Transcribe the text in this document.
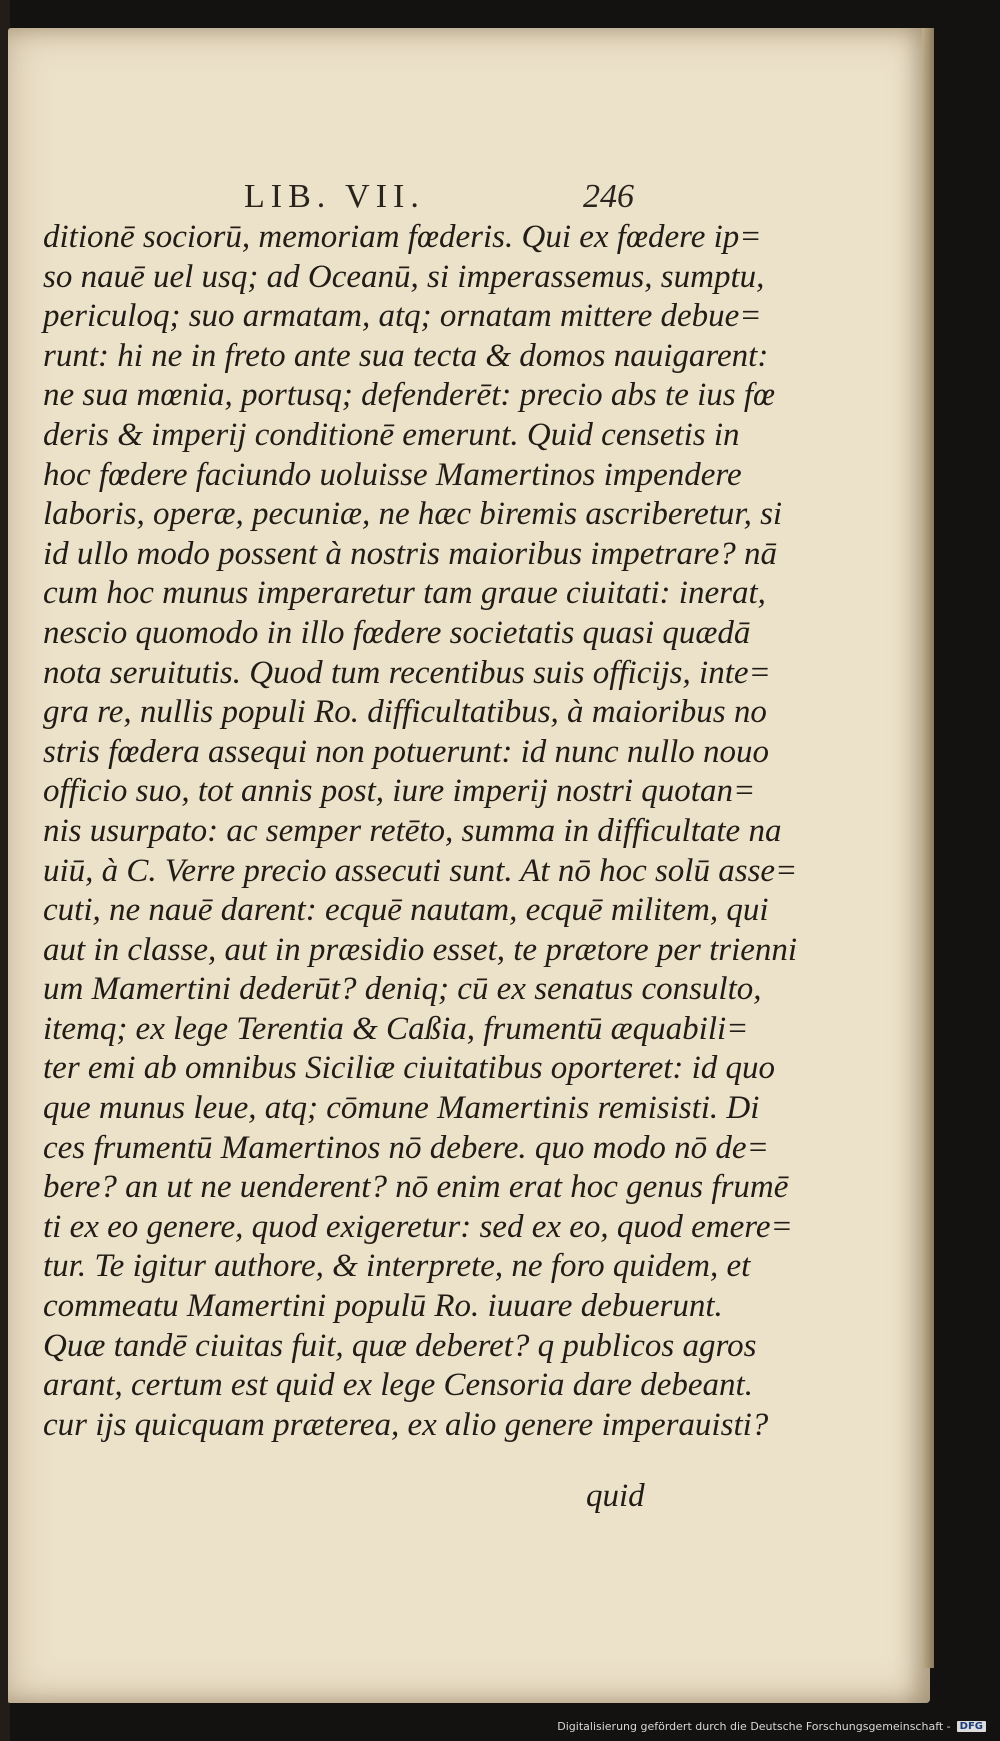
LIB. VII.	246
ditionē sociorū, memoriam fœderis. Qui ex fœdere ip=
so nauē uel usq; ad Oceanū, si imperassemus, sumptu,
periculoq; suo armatam, atq; ornatam mittere debue=
runt: hi ne in freto ante sua tecta & domos nauigarent:
ne sua mœnia, portusq; defenderēt: precio abs te ius fœ
deris & imperij conditionē emerunt. Quid censetis in
hoc fœdere faciundo uoluisse Mamertinos impendere
laboris, operæ, pecuniæ, ne hæc biremis ascriberetur, si
id ullo modo possent à nostris maioribus impetrare? nā
cum hoc munus imperaretur tam graue ciuitati: inerat,
nescio quomodo in illo fœdere societatis quasi quædā
nota seruitutis. Quod tum recentibus suis officijs, inte=
gra re, nullis populi Ro. difficultatibus, à maioribus no
stris fœdera assequi non potuerunt: id nunc nullo nouo
officio suo, tot annis post, iure imperij nostri quotan=
nis usurpato: ac semper retēto, summa in difficultate na
uiū, à C. Verre precio assecuti sunt. At nō hoc solū asse=
cuti, ne nauē darent: ecquē nautam, ecquē militem, qui
aut in classe, aut in præsidio esset, te prætore per trienni
um Mamertini dederūt? deniq; cū ex senatus consulto,
itemq; ex lege Terentia & Caßia, frumentū æquabili=
ter emi ab omnibus Siciliæ ciuitatibus oporteret: id quo
que munus leue, atq; cōmune Mamertinis remisisti. Di
ces frumentū Mamertinos nō debere. quo modo nō de=
bere? an ut ne uenderent? nō enim erat hoc genus frumē
ti ex eo genere, quod exigeretur: sed ex eo, quod emere=
tur. Te igitur authore, & interprete, ne foro quidem, et
commeatu Mamertini populū Ro. iuuare debuerunt.
Quæ tandē ciuitas fuit, quæ deberet? q publicos agros
arant, certum est quid ex lege Censoria dare debeant.
cur ijs quicquam præterea, ex alio genere imperauisti?
quid
Digitalisierung gefördert durch die Deutsche Forschungsgemeinschaft - DFG
